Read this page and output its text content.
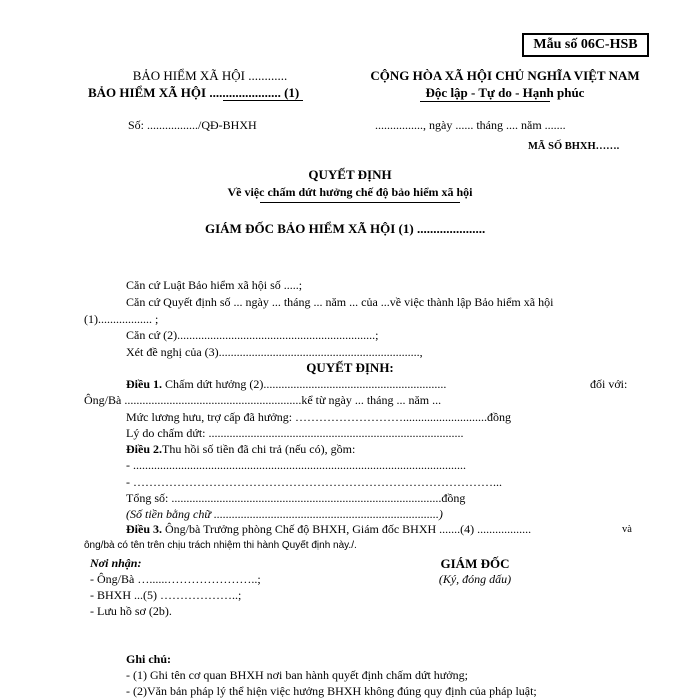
Mẫu số 06C-HSB
BẢO HIỂM XÃ HỘI ............
BẢO HIỂM XÃ HỘI ...................... (1)
CỘNG HÒA XÃ HỘI CHỦ NGHĨA VIỆT NAM
Độc lập - Tự do - Hạnh phúc
Số: ................./QĐ-BHXH	................, ngày ...... tháng .... năm .......
MÃ SỐ BHXH…….
QUYẾT ĐỊNH
Về việc chấm dứt hưởng chế độ bảo hiểm xã hội
GIÁM ĐỐC BẢO HIỂM XÃ HỘI (1) .....................
Căn cứ Luật Bảo hiểm xã hội số .....;
Căn cứ Quyết định số ... ngày ... tháng ... năm ... của ...về việc thành lập Bảo hiểm xã hội
(1).................. ;
Căn cứ (2)..................................................................;
Xét đề nghị của (3)...................................................................,
QUYẾT ĐỊNH:
Điều 1. Chấm dứt hưởng (2).............................................................	đối với:
Ông/Bà ...........................................................kể từ ngày ... tháng ... năm ...
Mức lương hưu, trợ cấp đã hưởng: ………………………............................đồng
Lý do chấm dứt: .....................................................................................
Điều 2.Thu hồi số tiền đã chi trả (nếu có), gồm:
- ...............................................................................................................
- ………………………………………………………………………………...
Tổng số: ..........................................................................................đồng
(Số tiền bằng chữ ...........................................................................)
Điều 3. Ông/bà Trưởng phòng Chế độ BHXH, Giám đốc BHXH .......(4) ..................	và
ông/bà có tên trên chịu trách nhiệm thi hành Quyết định này./.
Nơi nhận:
- Ông/Bà …......…………………..;
- BHXH ...(5) ………………..;
- Lưu hồ sơ (2b).
GIÁM ĐỐC
(Ký, đóng dấu)
Ghi chú:
- (1) Ghi tên cơ quan BHXH nơi ban hành quyết định chấm dứt hưởng;
- (2)Văn bản pháp lý thể hiện việc hưởng BHXH không đúng quy định của pháp luật;
